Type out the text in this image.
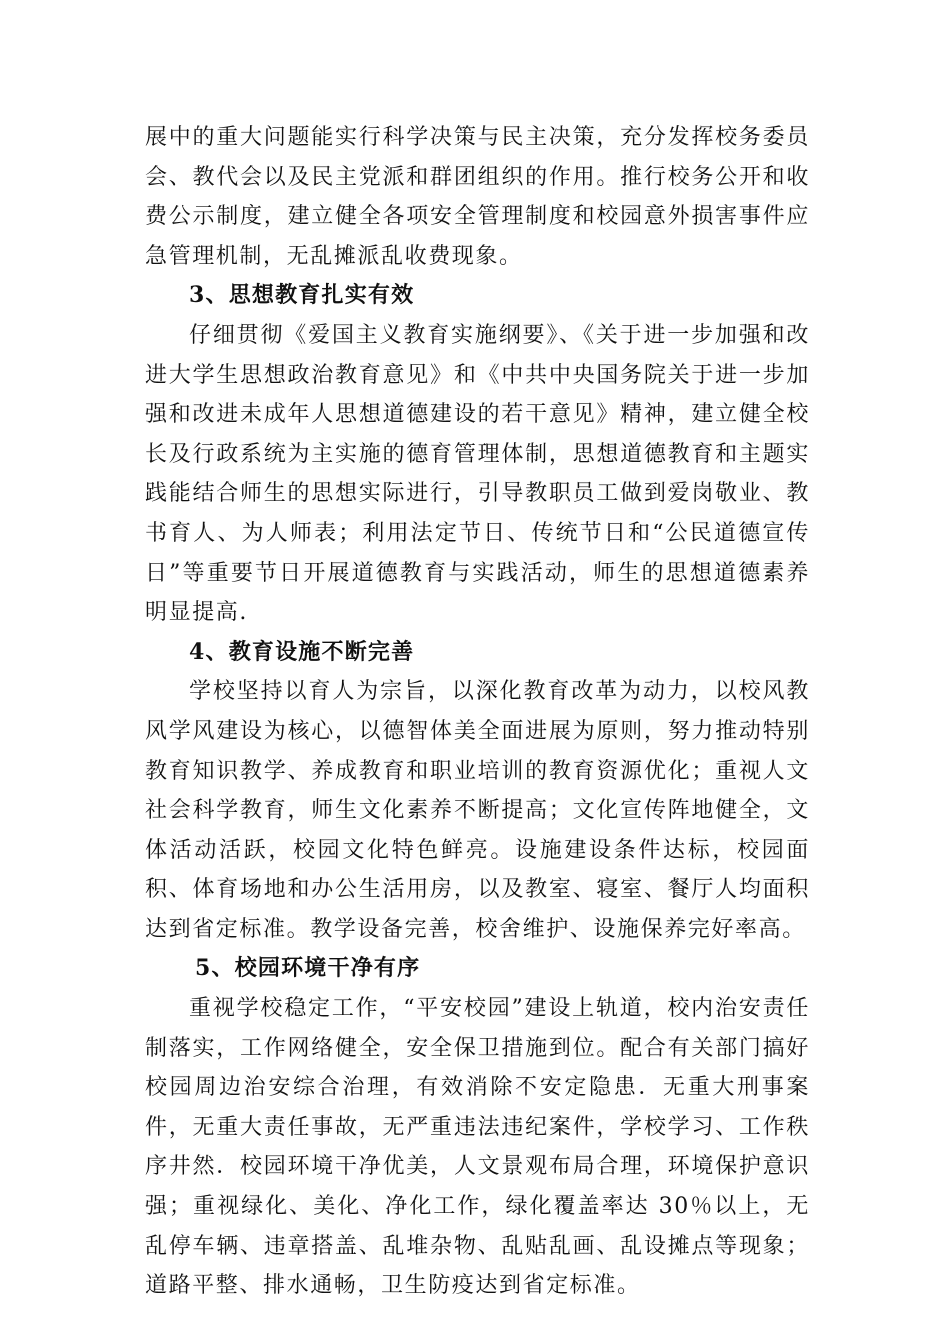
展中的重大问题能实行科学决策与民主决策，充分发挥校务委员会、教代会以及民主党派和群团组织的作用。推行校务公开和收费公示制度，建立健全各项安全管理制度和校园意外损害事件应急管理机制，无乱摊派乱收费现象。

3、思想教育扎实有效

仔细贯彻《爱国主义教育实施纲要》、《关于进一步加强和改进大学生思想政治教育意见》和《中共中央国务院关于进一步加强和改进未成年人思想道德建设的若干意见》精神，建立健全校长及行政系统为主实施的德育管理体制，思想道德教育和主题实践能结合师生的思想实际进行，引导教职员工做到爱岗敬业、教书育人、为人师表；利用法定节日、传统节日和“公民道德宣传日”等重要节日开展道德教育与实践活动，师生的思想道德素养明显提高.

4、教育设施不断完善

学校坚持以育人为宗旨，以深化教育改革为动力，以校风教风学风建设为核心，以德智体美全面进展为原则，努力推动特别教育知识教学、养成教育和职业培训的教育资源优化；重视人文社会科学教育，师生文化素养不断提高；文化宣传阵地健全，文体活动活跃，校园文化特色鲜亮。设施建设条件达标，校园面积、体育场地和办公生活用房，以及教室、寝室、餐厅人均面积达到省定标准。教学设备完善，校舍维护、设施保养完好率高。

5、校园环境干净有序

重视学校稳定工作，“平安校园”建设上轨道，校内治安责任制落实，工作网络健全，安全保卫措施到位。配合有关部门搞好校园周边治安综合治理，有效消除不安定隐患．无重大刑事案件，无重大责任事故，无严重违法违纪案件，学校学习、工作秩序井然．校园环境干净优美，人文景观布局合理，环境保护意识强；重视绿化、美化、净化工作，绿化覆盖率达 30％以上，无乱停车辆、违章搭盖、乱堆杂物、乱贴乱画、乱设摊点等现象；道路平整、排水通畅，卫生防疫达到省定标准。
